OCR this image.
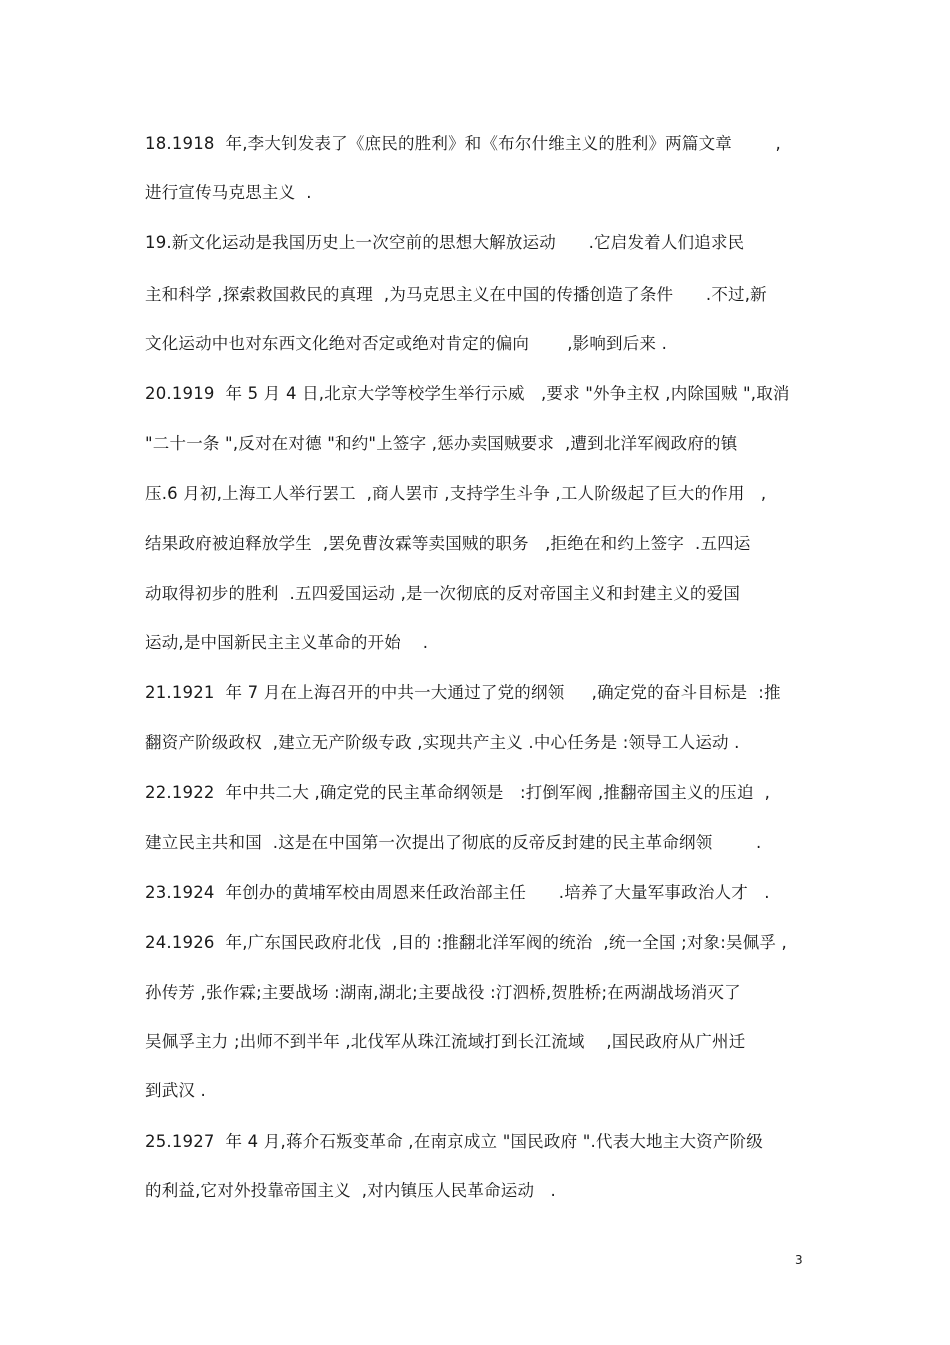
18.1918  年,李大钊发表了《庶民的胜利》和《布尔什维主义的胜利》两篇文章        ,
进行宣传马克思主义  .
19.新文化运动是我国历史上一次空前的思想大解放运动      .它启发着人们追求民
主和科学 ,探索救国救民的真理  ,为马克思主义在中国的传播创造了条件      .不过,新
文化运动中也对东西文化绝对否定或绝对肯定的偏向       ,影响到后来 .
20.1919  年 5 月 4 日,北京大学等校学生举行示威   ,要求 "外争主权 ,内除国贼 ",取消
"二十一条 ",反对在对德 "和约"上签字 ,惩办卖国贼要求  ,遭到北洋军阀政府的镇
压.6 月初,上海工人举行罢工  ,商人罢市 ,支持学生斗争 ,工人阶级起了巨大的作用   ,
结果政府被迫释放学生  ,罢免曹汝霖等卖国贼的职务   ,拒绝在和约上签字  .五四运
动取得初步的胜利  .五四爱国运动 ,是一次彻底的反对帝国主义和封建主义的爱国
运动,是中国新民主主义革命的开始    .
21.1921  年 7 月在上海召开的中共一大通过了党的纲领     ,确定党的奋斗目标是  :推
翻资产阶级政权  ,建立无产阶级专政 ,实现共产主义 .中心任务是 :领导工人运动 .
22.1922  年中共二大 ,确定党的民主革命纲领是   :打倒军阀 ,推翻帝国主义的压迫  ,
建立民主共和国  .这是在中国第一次提出了彻底的反帝反封建的民主革命纲领        .
23.1924  年创办的黄埔军校由周恩来任政治部主任      .培养了大量军事政治人才   .
24.1926  年,广东国民政府北伐  ,目的 :推翻北洋军阀的统治  ,统一全国 ;对象:吴佩孚 ,
孙传芳 ,张作霖;主要战场 :湖南,湖北;主要战役 :汀泗桥,贺胜桥;在两湖战场消灭了
吴佩孚主力 ;出师不到半年 ,北伐军从珠江流域打到长江流域    ,国民政府从广州迁
到武汉 .
25.1927  年 4 月,蒋介石叛变革命 ,在南京成立 "国民政府 ".代表大地主大资产阶级
的利益,它对外投靠帝国主义  ,对内镇压人民革命运动   .
3
